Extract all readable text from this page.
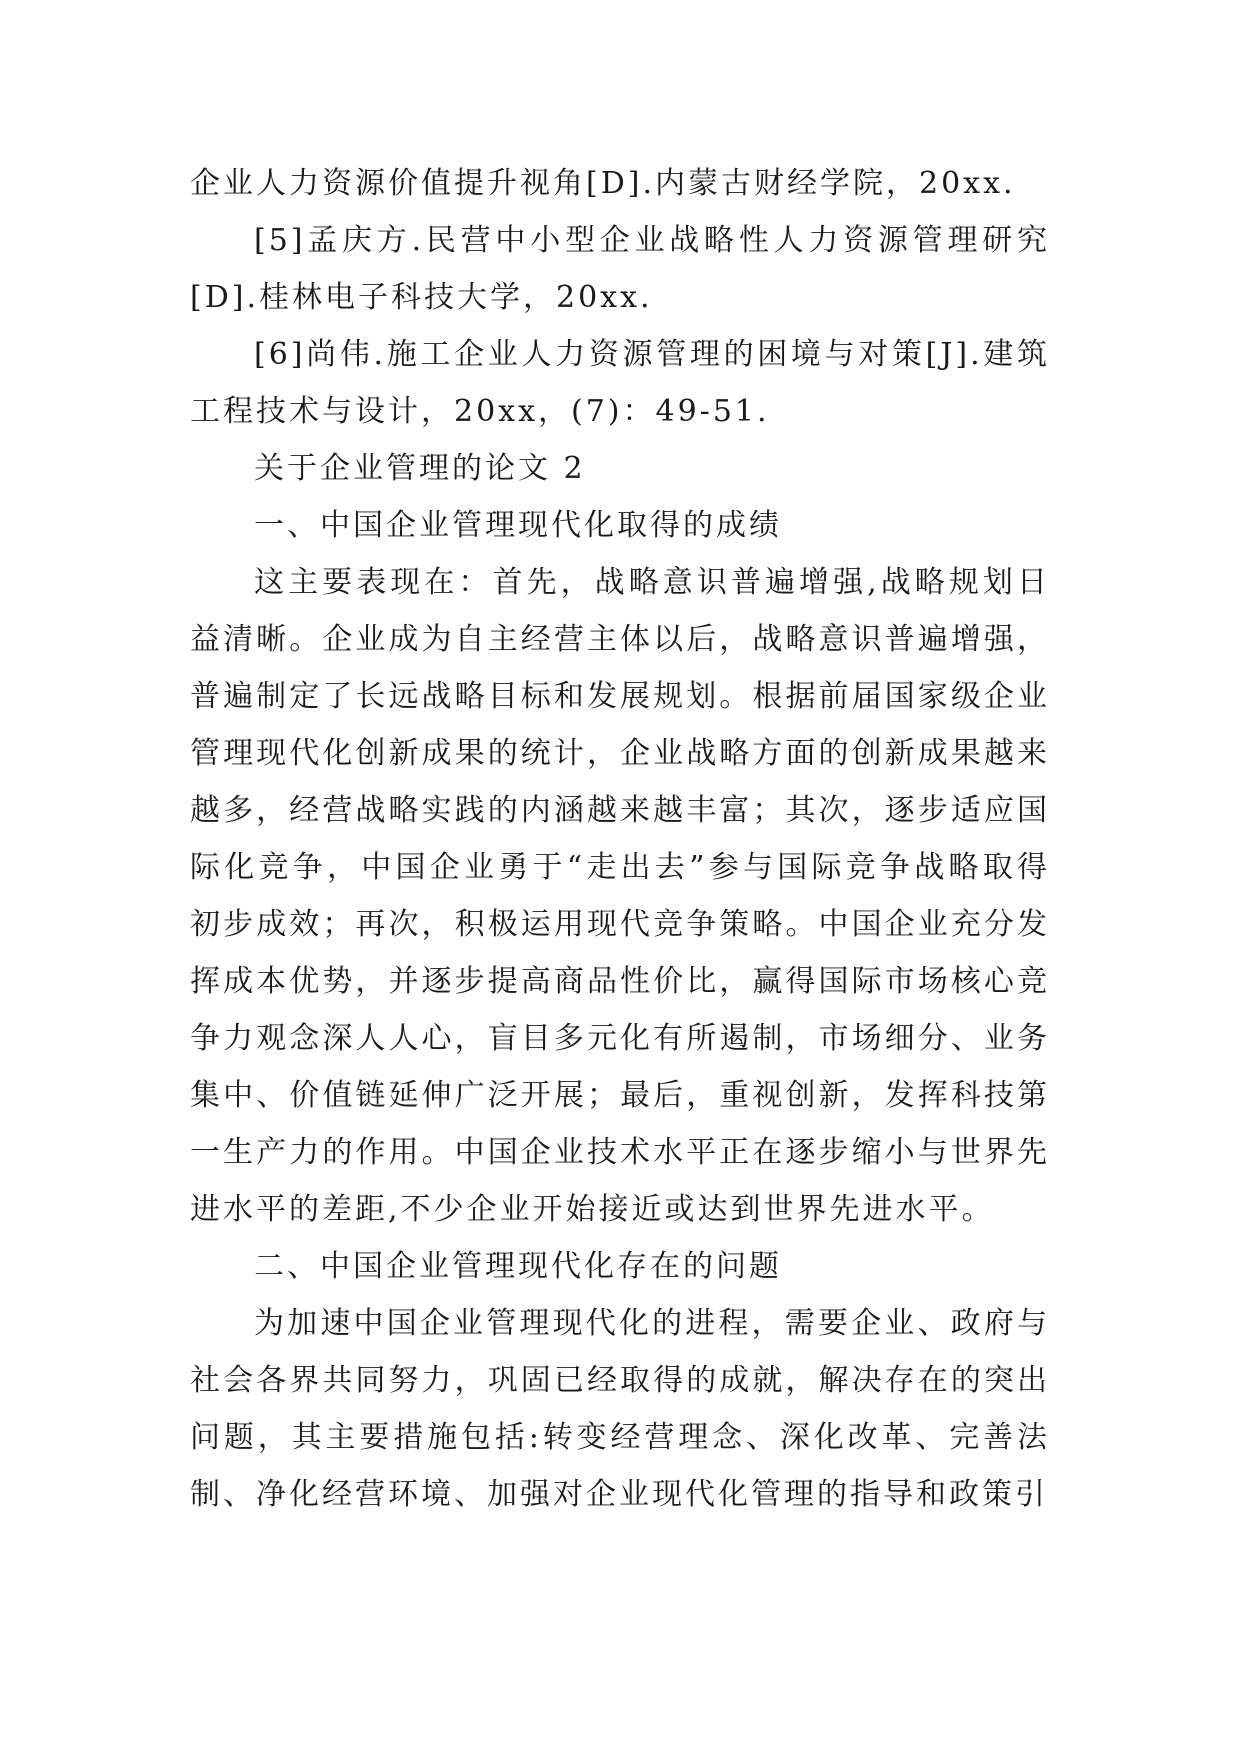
企业人力资源价值提升视角[D].内蒙古财经学院，20xx.

[5]孟庆方.民营中小型企业战略性人力资源管理研究[D].桂林电子科技大学，20xx.

[6]尚伟.施工企业人力资源管理的困境与对策[J].建筑工程技术与设计，20xx，(7)：49-51.

关于企业管理的论文 2

一、中国企业管理现代化取得的成绩

这主要表现在：首先，战略意识普遍增强,战略规划日益清晰。企业成为自主经营主体以后，战略意识普遍增强，普遍制定了长远战略目标和发展规划。根据前届国家级企业管理现代化创新成果的统计，企业战略方面的创新成果越来越多，经营战略实践的内涵越来越丰富；其次，逐步适应国际化竞争，中国企业勇于“走出去”参与国际竞争战略取得初步成效；再次，积极运用现代竞争策略。中国企业充分发挥成本优势，并逐步提高商品性价比，赢得国际市场核心竞争力观念深人人心，盲目多元化有所遏制，市场细分、业务集中、价值链延伸广泛开展；最后，重视创新，发挥科技第一生产力的作用。中国企业技术水平正在逐步缩小与世界先进水平的差距,不少企业开始接近或达到世界先进水平。

二、中国企业管理现代化存在的问题

为加速中国企业管理现代化的进程，需要企业、政府与社会各界共同努力，巩固已经取得的成就，解决存在的突出问题，其主要措施包括:转变经营理念、深化改革、完善法制、净化经营环境、加强对企业现代化管理的指导和政策引
